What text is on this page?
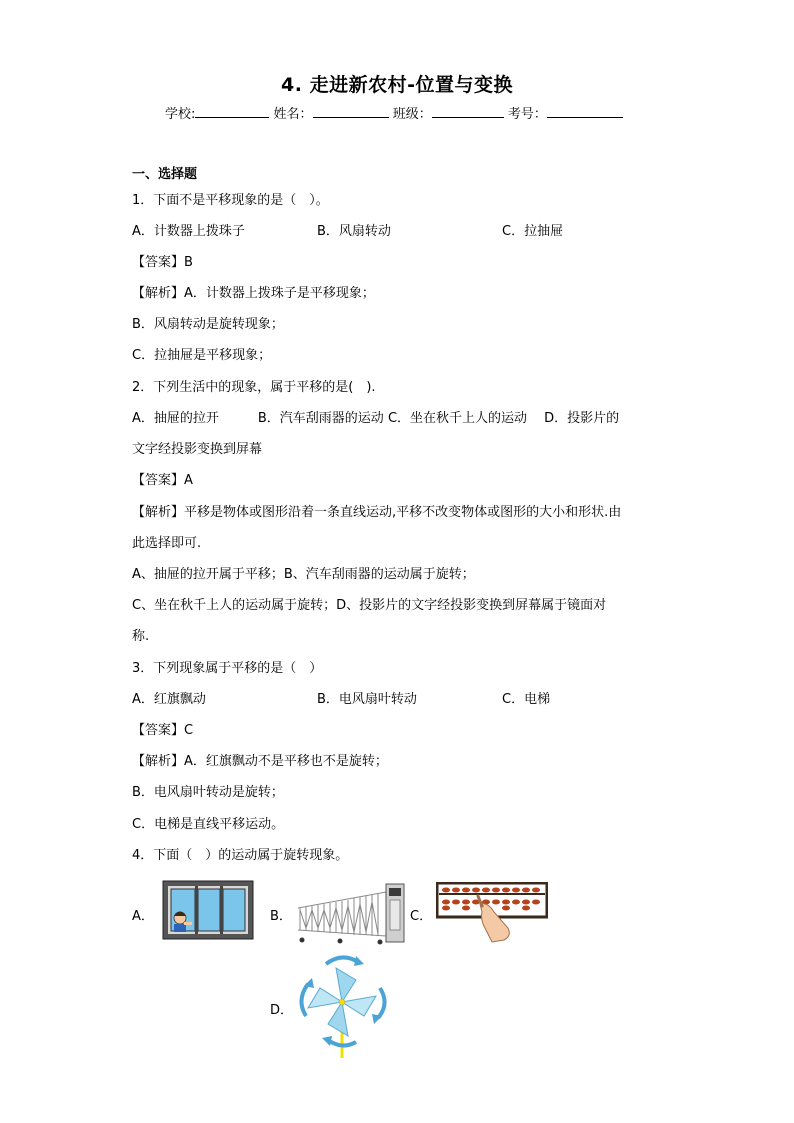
4. 走进新农村-位置与变换
学校:	姓名：	班级：	考号：
一、选择题
1．下面不是平移现象的是（　）。
A．计数器上拨珠子	B．风扇转动	C．拉抽屉
【答案】B
【解析】A．计数器上拨珠子是平移现象；
B．风扇转动是旋转现象；
C．拉抽屉是平移现象；
2．下列生活中的现象，属于平移的是(　).
A．抽屉的拉开　　　B．汽车刮雨器的运动 C．坐在秋千上人的运动　 D．投影片的
文字经投影变换到屏幕
【答案】A
【解析】平移是物体或图形沿着一条直线运动,平移不改变物体或图形的大小和形状.由
此选择即可.
A、抽屉的拉开属于平移；B、汽车刮雨器的运动属于旋转；
C、坐在秋千上人的运动属于旋转；D、投影片的文字经投影变换到屏幕属于镜面对
称.
3．下列现象属于平移的是（　）
A．红旗飘动	B．电风扇叶转动	C．电梯
【答案】C
【解析】A．红旗飘动不是平移也不是旋转；
B．电风扇叶转动是旋转；
C．电梯是直线平移运动。
4．下面（　）的运动属于旋转现象。
A．	B．	C．
D．
